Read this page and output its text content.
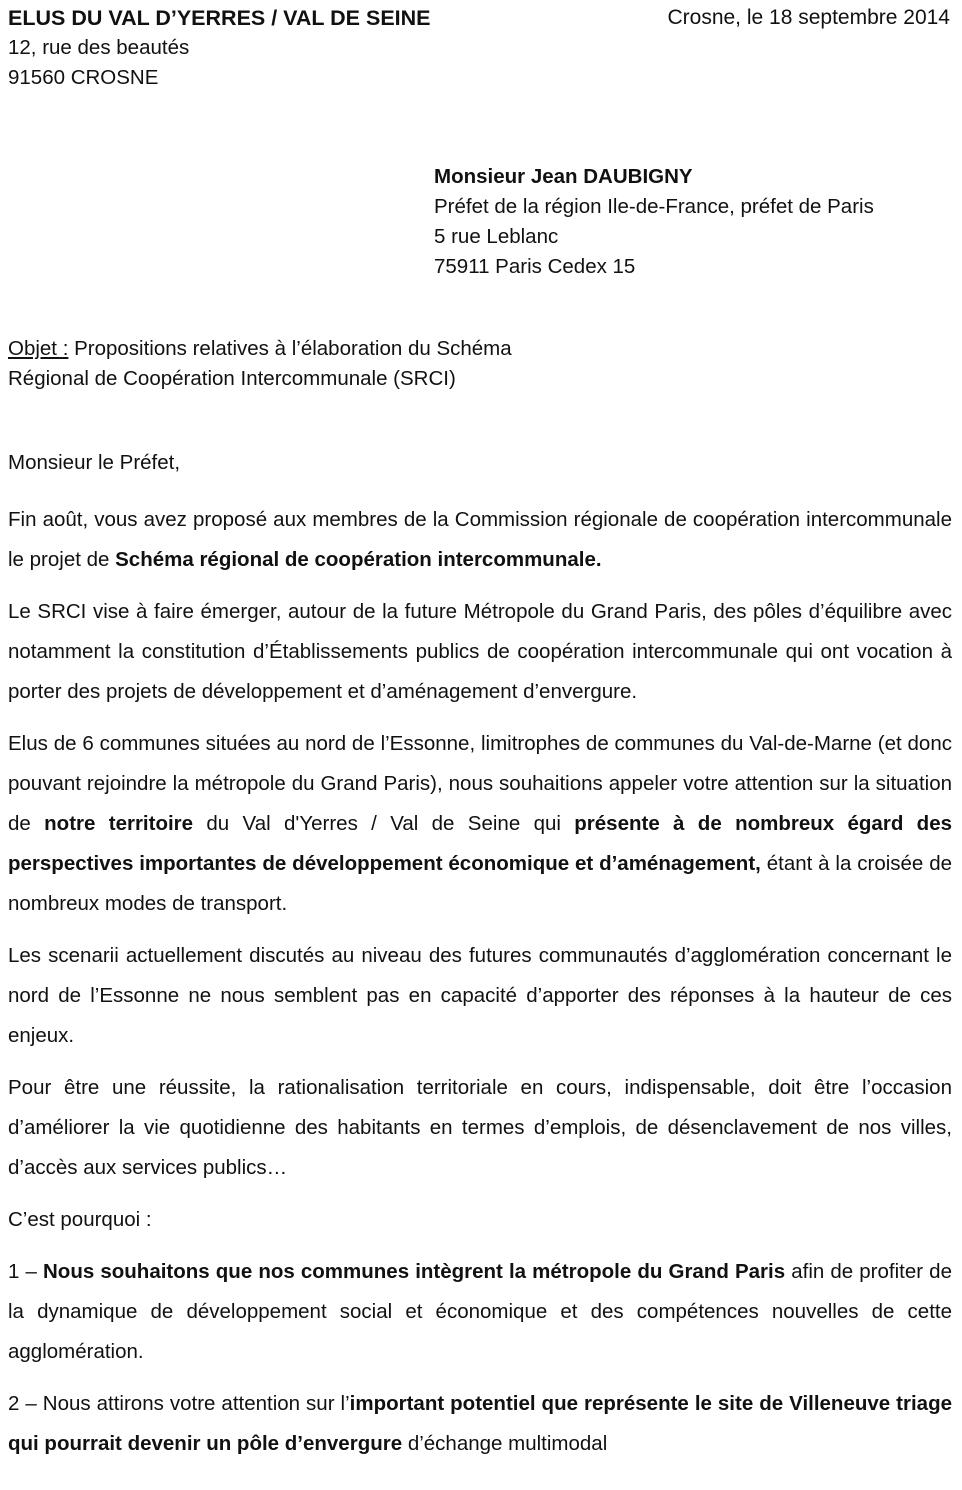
ELUS DU VAL D’YERRES / VAL DE SEINE
12, rue des beautés
91560 CROSNE
Crosne, le 18 septembre 2014
Monsieur Jean DAUBIGNY
Préfet de la région Ile-de-France, préfet de Paris
5 rue Leblanc
75911 Paris Cedex 15
Objet : Propositions relatives à l’élaboration du Schéma
Régional de Coopération Intercommunale (SRCI)
Monsieur le Préfet,

Fin août, vous avez proposé aux membres de la Commission régionale de coopération intercommunale le projet de Schéma régional de coopération intercommunale.

Le SRCI vise à faire émerger, autour de la future Métropole du Grand Paris, des pôles d’équilibre avec notamment la constitution d’Établissements publics de coopération intercommunale qui ont vocation à porter des projets de développement et d’aménagement d’envergure.

Elus de 6 communes situées au nord de l’Essonne, limitrophes de communes du Val-de-Marne (et donc pouvant rejoindre la métropole du Grand Paris), nous souhaitions appeler votre attention sur la situation de notre territoire du Val d'Yerres / Val de Seine qui présente à de nombreux égard des perspectives importantes de développement économique et d’aménagement, étant à la croisée de nombreux modes de transport.

Les scenarii actuellement discutés au niveau des futures communautés d’agglomération concernant le nord de l’Essonne ne nous semblent pas en capacité d’apporter des réponses à la hauteur de ces enjeux.

Pour être une réussite, la rationalisation territoriale en cours, indispensable, doit être l’occasion d’améliorer la vie quotidienne des habitants en termes d’emplois, de désenclavement de nos villes, d’accès aux services publics…

C’est pourquoi :

1 – Nous souhaitons que nos communes intègrent la métropole du Grand Paris afin de profiter de la dynamique de développement social et économique et des compétences nouvelles de cette agglomération.

2 – Nous attirons votre attention sur l’important potentiel que représente le site de Villeneuve triage qui pourrait devenir un pôle d’envergure d’échange multimodal
